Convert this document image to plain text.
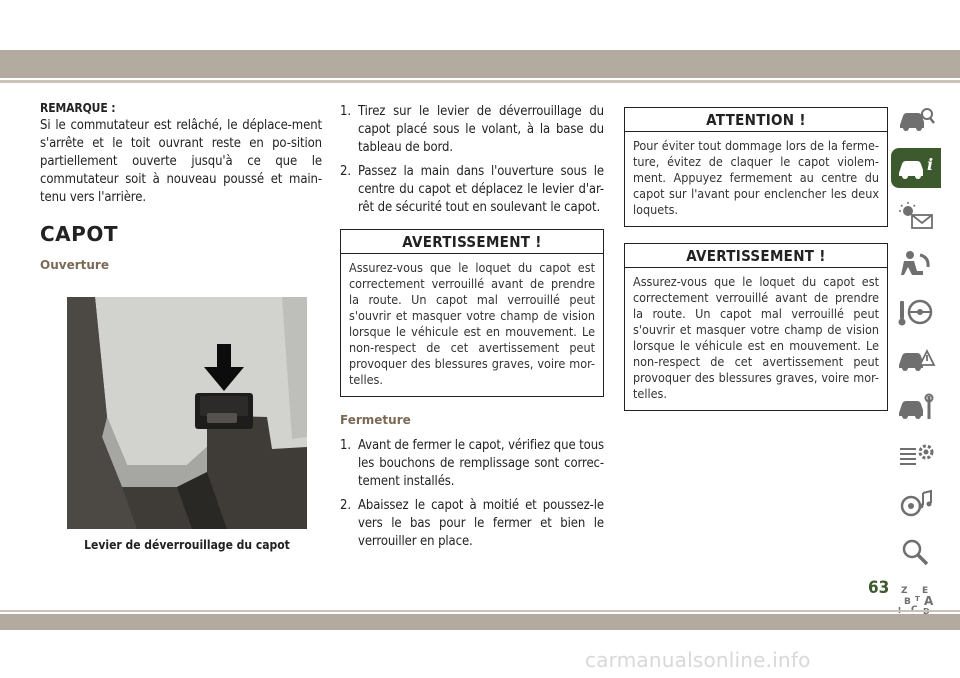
REMARQUE :
Si le commutateur est relâché, le déplace-ment s'arrête et le toit ouvrant reste en po-sition partiellement ouverte jusqu'à ce que le commutateur soit à nouveau poussé et main-tenu vers l'arrière.
CAPOT
Ouverture
Levier de déverrouillage du capot
1. Tirez sur le levier de déverrouillage du capot placé sous le volant, à la base du tableau de bord.
2. Passez la main dans l'ouverture sous le centre du capot et déplacez le levier d'ar-rêt de sécurité tout en soulevant le capot.
AVERTISSEMENT !
Assurez-vous que le loquet du capot est correctement verrouillé avant de prendre la route. Un capot mal verrouillé peut s'ouvrir et masquer votre champ de vision lorsque le véhicule est en mouvement. Le non-respect de cet avertissement peut provoquer des blessures graves, voire mor-telles.
Fermeture
1. Avant de fermer le capot, vérifiez que tous les bouchons de remplissage sont correc-tement installés.
2. Abaissez le capot à moitié et poussez-le vers le bas pour le fermer et bien le verrouiller en place.
ATTENTION !
Pour éviter tout dommage lors de la ferme-ture, évitez de claquer le capot violem-ment. Appuyez fermement au centre du capot sur l'avant pour enclencher les deux loquets.
AVERTISSEMENT !
Assurez-vous que le loquet du capot est correctement verrouillé avant de prendre la route. Un capot mal verrouillé peut s'ouvrir et masquer votre champ de vision lorsque le véhicule est en mouvement. Le non-respect de cet avertissement peut provoquer des blessures graves, voire mor-telles.
i
Z E
B A
T
63
carmanualsonline.info
